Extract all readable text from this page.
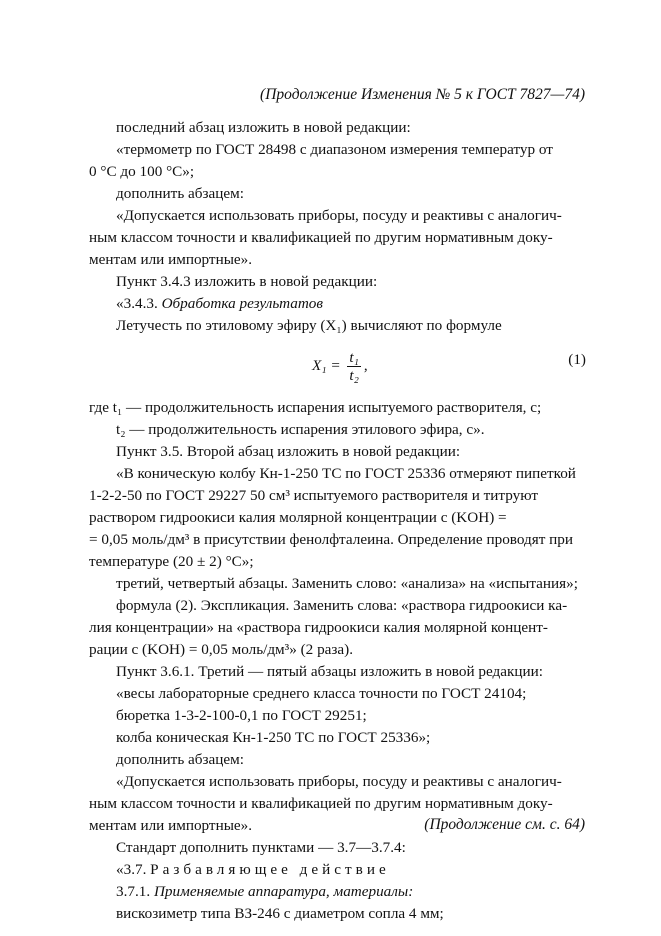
(Продолжение Изменения № 5 к ГОСТ 7827—74)

последний абзац изложить в новой редакции:

«термометр по ГОСТ 28498 с диапазоном измерения температур от

0 °С до 100 °С»;

дополнить абзацем:

«Допускается использовать приборы, посуду и реактивы с аналогич-

ным классом точности и квалификацией по другим нормативным доку-

ментам или импортные».

Пункт 3.4.3 изложить в новой редакции:

«3.4.3. Обработка результатов

Летучесть по этиловому эфиру (X₁) вычисляют по формуле

$X_1 = \frac{\text{t₁}}{\text{t₂}}$ ,	(1)

где t₁ — продолжительность испарения испытуемого растворителя, с;

t₂ — продолжительность испарения этилового эфира, с».

Пункт 3.5. Второй абзац изложить в новой редакции:

«В коническую колбу Кн-1-250 ТС по ГОСТ 25336 отмеряют пипеткой

1-2-2-50 по ГОСТ 29227 50 см³ испытуемого растворителя и титруют

раствором гидроокиси калия молярной концентрации c (KOH) =

= 0,05 моль/дм³ в присутствии фенолфталеина. Определение проводят при

температуре (20 ± 2) °С»;

третий, четвертый абзацы. Заменить слово: «анализа» на «испытания»;

формула (2). Экспликация. Заменить слова: «раствора гидроокиси ка-

лия концентрации» на «раствора гидроокиси калия молярной концент-

рации c (KOH) = 0,05 моль/дм³» (2 раза).

Пункт 3.6.1. Третий — пятый абзацы изложить в новой редакции:

«весы лабораторные среднего класса точности по ГОСТ 24104;

бюретка 1-3-2-100-0,1 по ГОСТ 29251;

колба коническая Кн-1-250 ТС по ГОСТ 25336»;

дополнить абзацем:

«Допускается использовать приборы, посуду и реактивы с аналогич-

ным классом точности и квалификацией по другим нормативным доку-

ментам или импортные».

Стандарт дополнить пунктами — 3.7—3.7.4:

«3.7. Разбавляющее действие

3.7.1. Применяемые аппаратура, материалы:

вискозиметр типа ВЗ-246 с диаметром сопла 4 мм;

(Продолжение см. с. 64)
